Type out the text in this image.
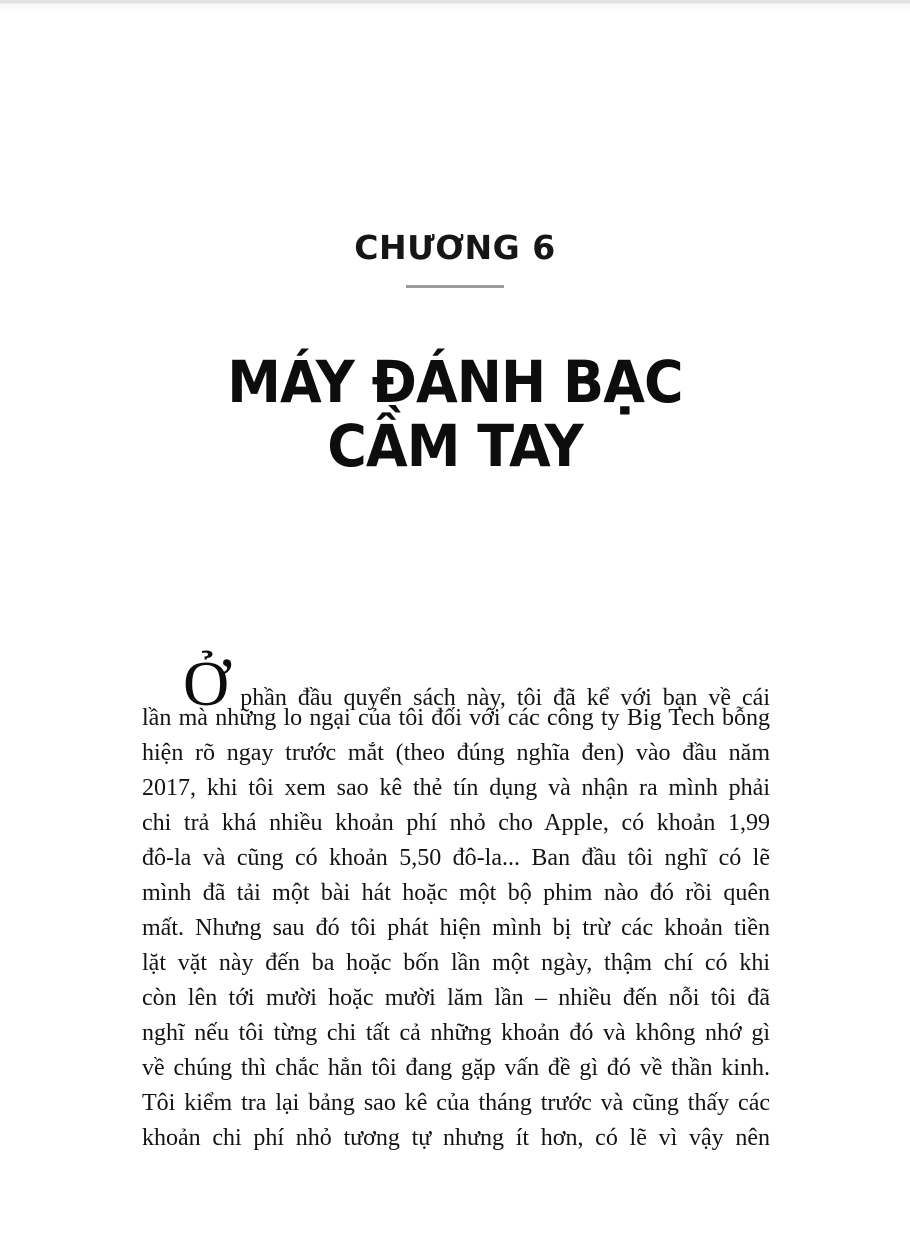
CHƯƠNG 6
MÁY ĐÁNH BẠC
CẦM TAY
Ở phần đầu quyển sách này, tôi đã kể với bạn về cái
lần mà những lo ngại của tôi đối với các công ty Big Tech bỗng
hiện rõ ngay trước mắt (theo đúng nghĩa đen) vào đầu năm
2017, khi tôi xem sao kê thẻ tín dụng và nhận ra mình phải
chi trả khá nhiều khoản phí nhỏ cho Apple, có khoản 1,99
đô-la và cũng có khoản 5,50 đô-la... Ban đầu tôi nghĩ có lẽ
mình đã tải một bài hát hoặc một bộ phim nào đó rồi quên
mất. Nhưng sau đó tôi phát hiện mình bị trừ các khoản tiền
lặt vặt này đến ba hoặc bốn lần một ngày, thậm chí có khi
còn lên tới mười hoặc mười lăm lần – nhiều đến nỗi tôi đã
nghĩ nếu tôi từng chi tất cả những khoản đó và không nhớ gì
về chúng thì chắc hẳn tôi đang gặp vấn đề gì đó về thần kinh.
Tôi kiểm tra lại bảng sao kê của tháng trước và cũng thấy các
khoản chi phí nhỏ tương tự nhưng ít hơn, có lẽ vì vậy nên
